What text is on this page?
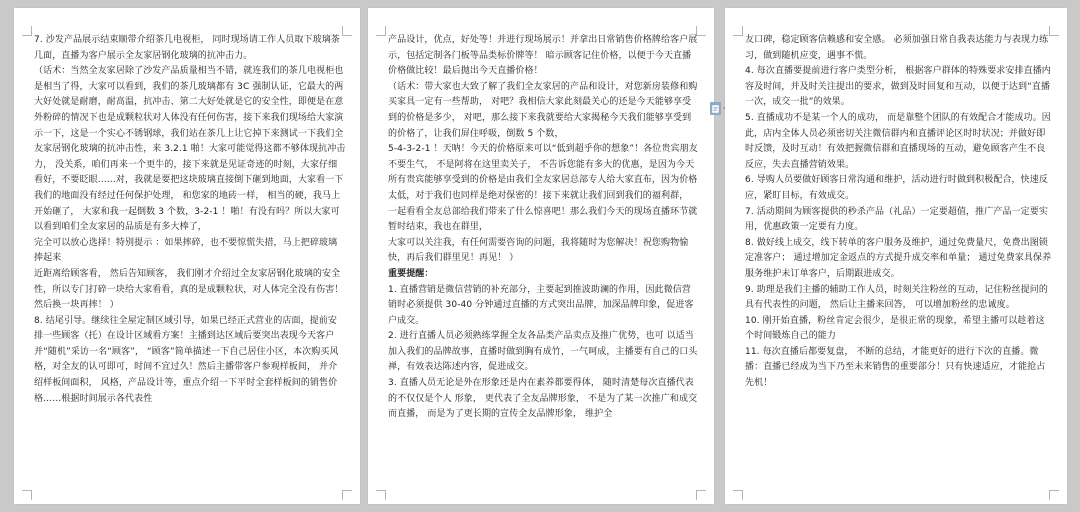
7. 沙发产品展示结束顺带介绍茶几电视柜， 同时现场请工作人员取下玻璃茶几面，直播为客户展示全友家居钢化玻璃的抗冲击力。

（话术：当然全友家居除了沙发产品质量相当不错，就连我们的茶几电视柜也是相当了得，大家可以看到，我们的茶几玻璃都有 3C 强制认证，它最大的两大好处就是耐磨，耐高温，抗冲击、第二大好处就是它的安全性，即便是在意外粉碎的情况下也是成颗粒状对人体没有任何伤害，接下来我们现场给大家演示一下，这是一个实心不锈钢球，我们站在茶几上让它掉下来测试一下我们全友家居钢化玻璃的抗冲击性，来 3.2.1 啪！大家可能觉得这都不够体现抗冲击力， 没关系，咱们再来一个更牛的，接下来就是见证奇迹的时刻，大家仔细看好，不要眨眼……对，我就是要把这块玻璃直接倒下砸到地面，大家看一下我们的地面没有经过任何保护处理， 和您家的地砖一样， 相当的硬，我马上开始砸了， 大家和我一起倒数 3 个数，3-2-1 ！啪！有没有吗？所以大家可以看到咱们全友家居的品质是有多大棒了，

完全可以放心选择！特别提示 ：如果摔碎，也不要惊慌失措，马上把碎玻璃捧起来

近距离给顾客看， 然后告知顾客， 我们刚才介绍过全友家居钢化玻璃的安全性，所以专门打碎一块给大家看看，真的是成颗粒状，对人体完全没有伤害！然后换一块再摔！ ）

8. 结尾引导。继续往全屋定制区域引导，如果已经正式营业的店面，提前安排一些顾客（托）在设计区域看方案！主播到达区域后要突出表现今天客户并“随机”采访一名“顾客”， “顾客”简单描述一下自己居住小区，本次购买风格，对全友的认可即可，时间不宜过久！然后主播带客户参观样板间， 并介绍样板间面积， 风格，产品设计等，重点介绍一下平时全套样板间的销售价格……根据时间展示各代表性

产品设计，优点，好处等！并进行现场展示！并拿出日常销售价格牌给客户展示，包括定制各门板等品类标价牌等！ 暗示顾客记住价格，以便于今天直播价格做比较！最后抛出今天直播价格！

（话术：带大家也大致了解了我们全友家居的产品和设计，对您新房装修和购买家具一定有一些帮助， 对吧？我相信大家此刻最关心的还是今天能够享受到的价格是多少， 对吧，那么接下来我就要给大家揭秘今天我们能够享受到的价格了，让我们屏住呼吸，倒数 5 个数，

5-4-3-2-1 ！天呐！今天的价格原来可以“低到超乎你的想象”！各位贵宾朋友不要生气， 不是阿将在这里卖关子， 不告诉您能有多大的优惠，是因为今天所有贵宾能够享受到的价格是由我们全友家居总部专人给大家直布，因为价格太低，对于我们也同样是绝对保密的！接下来就让我们回到我们的福利群， 一起看看全友总部给我们带来了什么惊喜吧！那么我们今天的现场直播环节就暂时结束，我也在群里，

大家可以关注我，有任何需要咨询的问题，我将随时为您解决！祝您购物愉快，再后我们群里见！再见！ ）

重要提醒：

1. 直播营销是微信营销的补充部分，主要起到推波助澜的作用，因此微信营销时必须提供 30-40 分钟通过直播的方式突出品牌，加深品牌印象，促进客户成交。

2. 进行直播人员必须熟练掌握全友各品类产品卖点及推广优势，也可 以适当加入我们的品牌故事，直播时做到胸有成竹，一气呵成，主播要有自己的口头禅，有效表达陈述内容，促进成交。

3. 直播人员无论是外在形象还是内在素养都要得体， 随时清楚每次直播代表的不仅仅是个人 形象， 更代表了全友品牌形象， 不是为了某一次推广和成交而直播， 而是为了更长期的宣传全友品牌形象， 维护全

友口碑，稳定顾客信赖感和安全感。 必须加强日常自我表达能力与表现力练习，做到随机应变，遇事不慌。

4. 每次直播要提前进行客户类型分析， 根据客户群体的特殊要求安排直播内容及时间，并及时关注提出的要求，做到及时回复和互动，以便于达到“直播一次，成交一批”的效果。

5. 直播成功不是某一个人的成功， 而是靠整个团队的有效配合才能成功。因此，店内全体人员必须密切关注微信群内和直播评论区时时状况；并做好即时反馈，及时互动！有效把握微信群和直播现场的互动，避免顾客产生不良反应，失去直播营销效果。

6. 导购人员要做好顾客日常沟通和维护，活动进行时做到积极配合，快速反应，紧盯目标，有效成交。

7. 活动期间为顾客提供的秒杀产品（礼品）一定要超值，推广产品一定要实用，优惠政策一定要有力度。

8. 做好线上成交，线下转单的客户服务及维护，通过免费量尺，免费出图锁定准客户； 通过增加定金返点的方式提升成交率和单量； 通过免费家具保养服务维护未订单客户，后期跟进成交。

9. 助理是我们主播的辅助工作人员，时刻关注粉丝的互动，记住粉丝提问的具有代表性的问题， 然后让主播来回答， 可以增加粉丝的忠诚度。

10. 刚开始直播，粉丝肯定会很少，是很正常的现象，希望主播可以趁着这个时间锻炼自己的能力

11. 每次直播后都要复盘， 不断的总结，才能更好的进行下次的直播。微播：直播已经成为当下乃至未来销售的重要部分！只有快速适应，才能抢占先机！
